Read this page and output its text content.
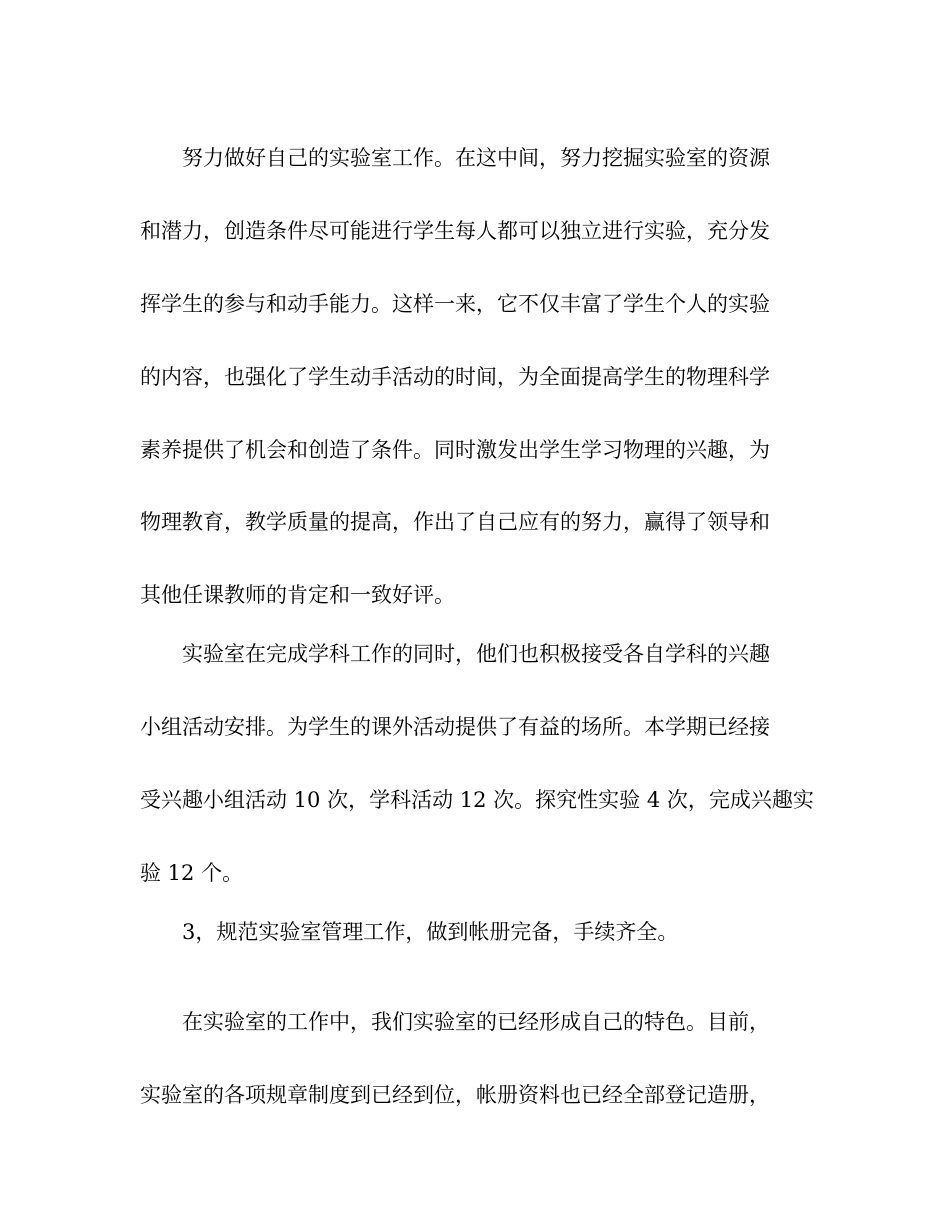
　　努力做好自己的实验室工作。在这中间，努力挖掘实验室的资源
和潜力，创造条件尽可能进行学生每人都可以独立进行实验，充分发
挥学生的参与和动手能力。这样一来，它不仅丰富了学生个人的实验
的内容，也强化了学生动手活动的时间，为全面提高学生的物理科学
素养提供了机会和创造了条件。同时激发出学生学习物理的兴趣，为
物理教育，教学质量的提高，作出了自己应有的努力，赢得了领导和
其他任课教师的肯定和一致好评。
　　实验室在完成学科工作的同时，他们也积极接受各自学科的兴趣
小组活动安排。为学生的课外活动提供了有益的场所。本学期已经接
受兴趣小组活动 10 次，学科活动 12 次。探究性实验 4 次，完成兴趣实
验 12 个。
　　3，规范实验室管理工作，做到帐册完备，手续齐全。
　　在实验室的工作中，我们实验室的已经形成自己的特色。目前，
实验室的各项规章制度到已经到位，帐册资料也已经全部登记造册，
